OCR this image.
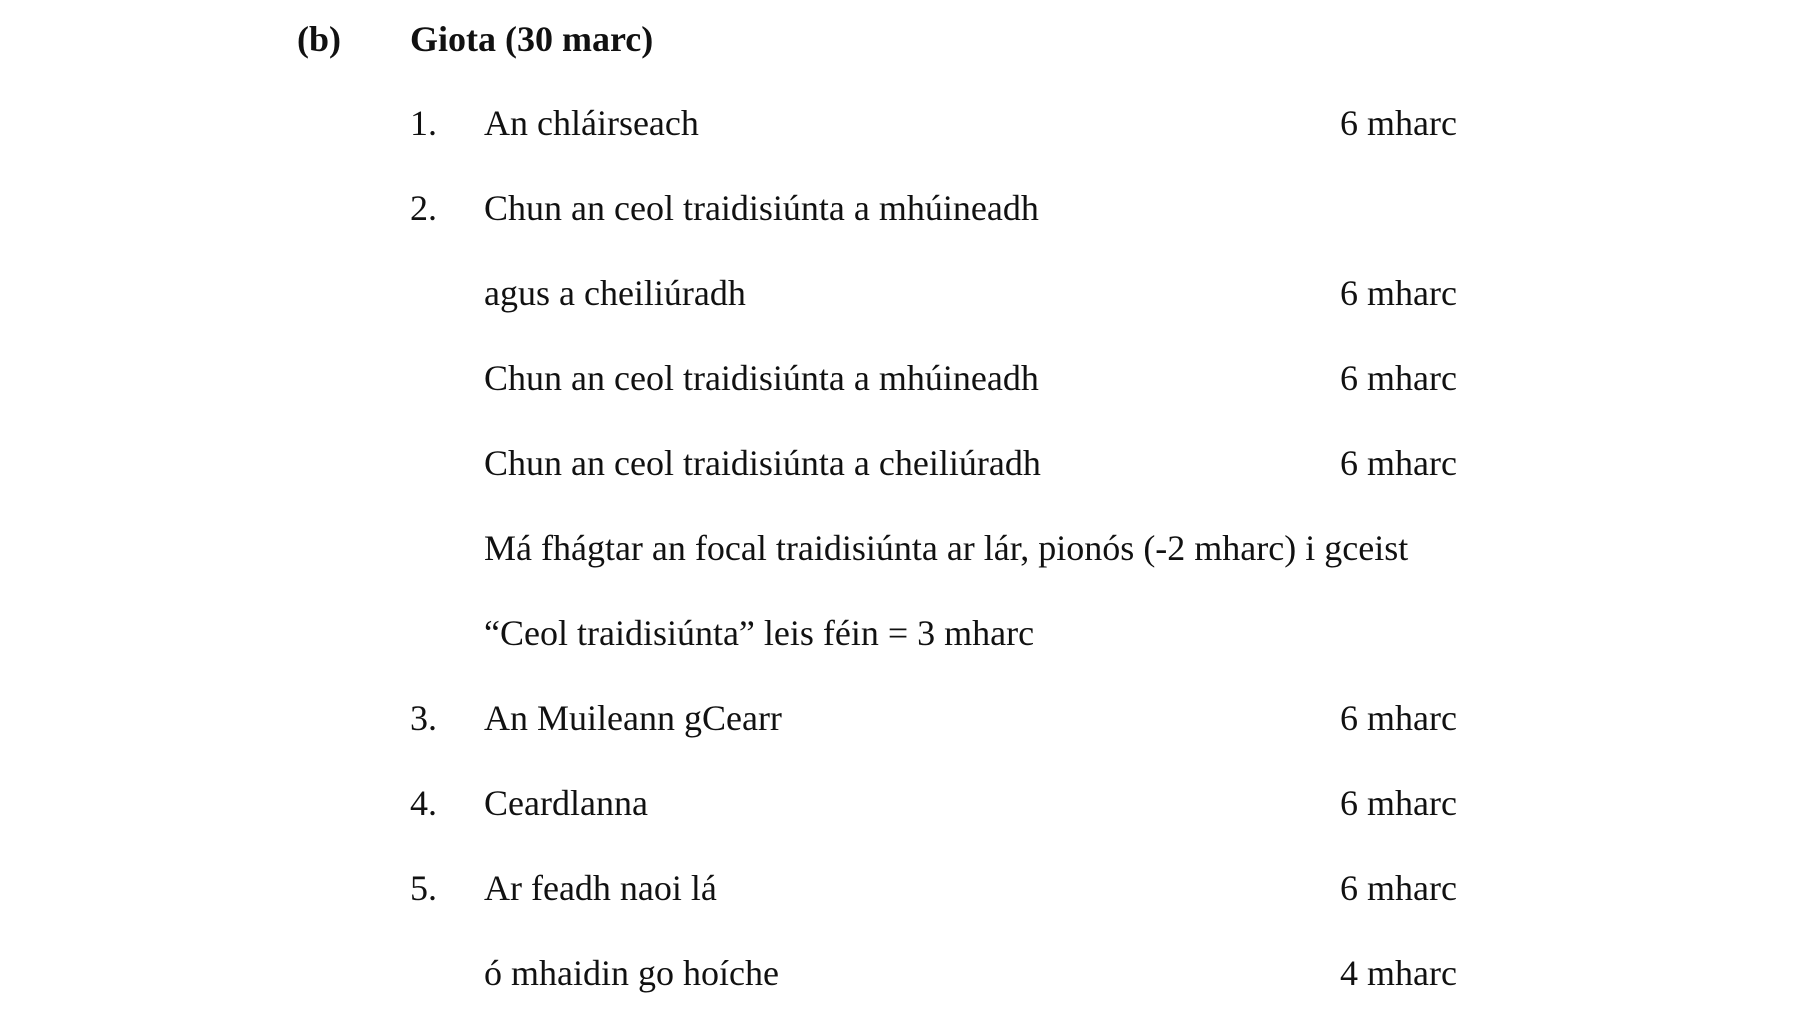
(b) Giota (30 marc)
1. An chláirseach	6 mharc
2. Chun an ceol traidisiúnta a mhúineadh
agus a cheiliúradh	6 mharc
Chun an ceol traidisiúnta a mhúineadh	6 mharc
Chun an ceol traidisiúnta a cheiliúradh	6 mharc
Má fhágtar an focal traidisiúnta ar lár, pionós (-2 mharc) i gceist
“Ceol traidisiúnta” leis féin = 3 mharc
3. An Muileann gCearr	6 mharc
4. Ceardlanna	6 mharc
5. Ar feadh naoi lá	6 mharc
ó mhaidin go hoíche	4 mharc
